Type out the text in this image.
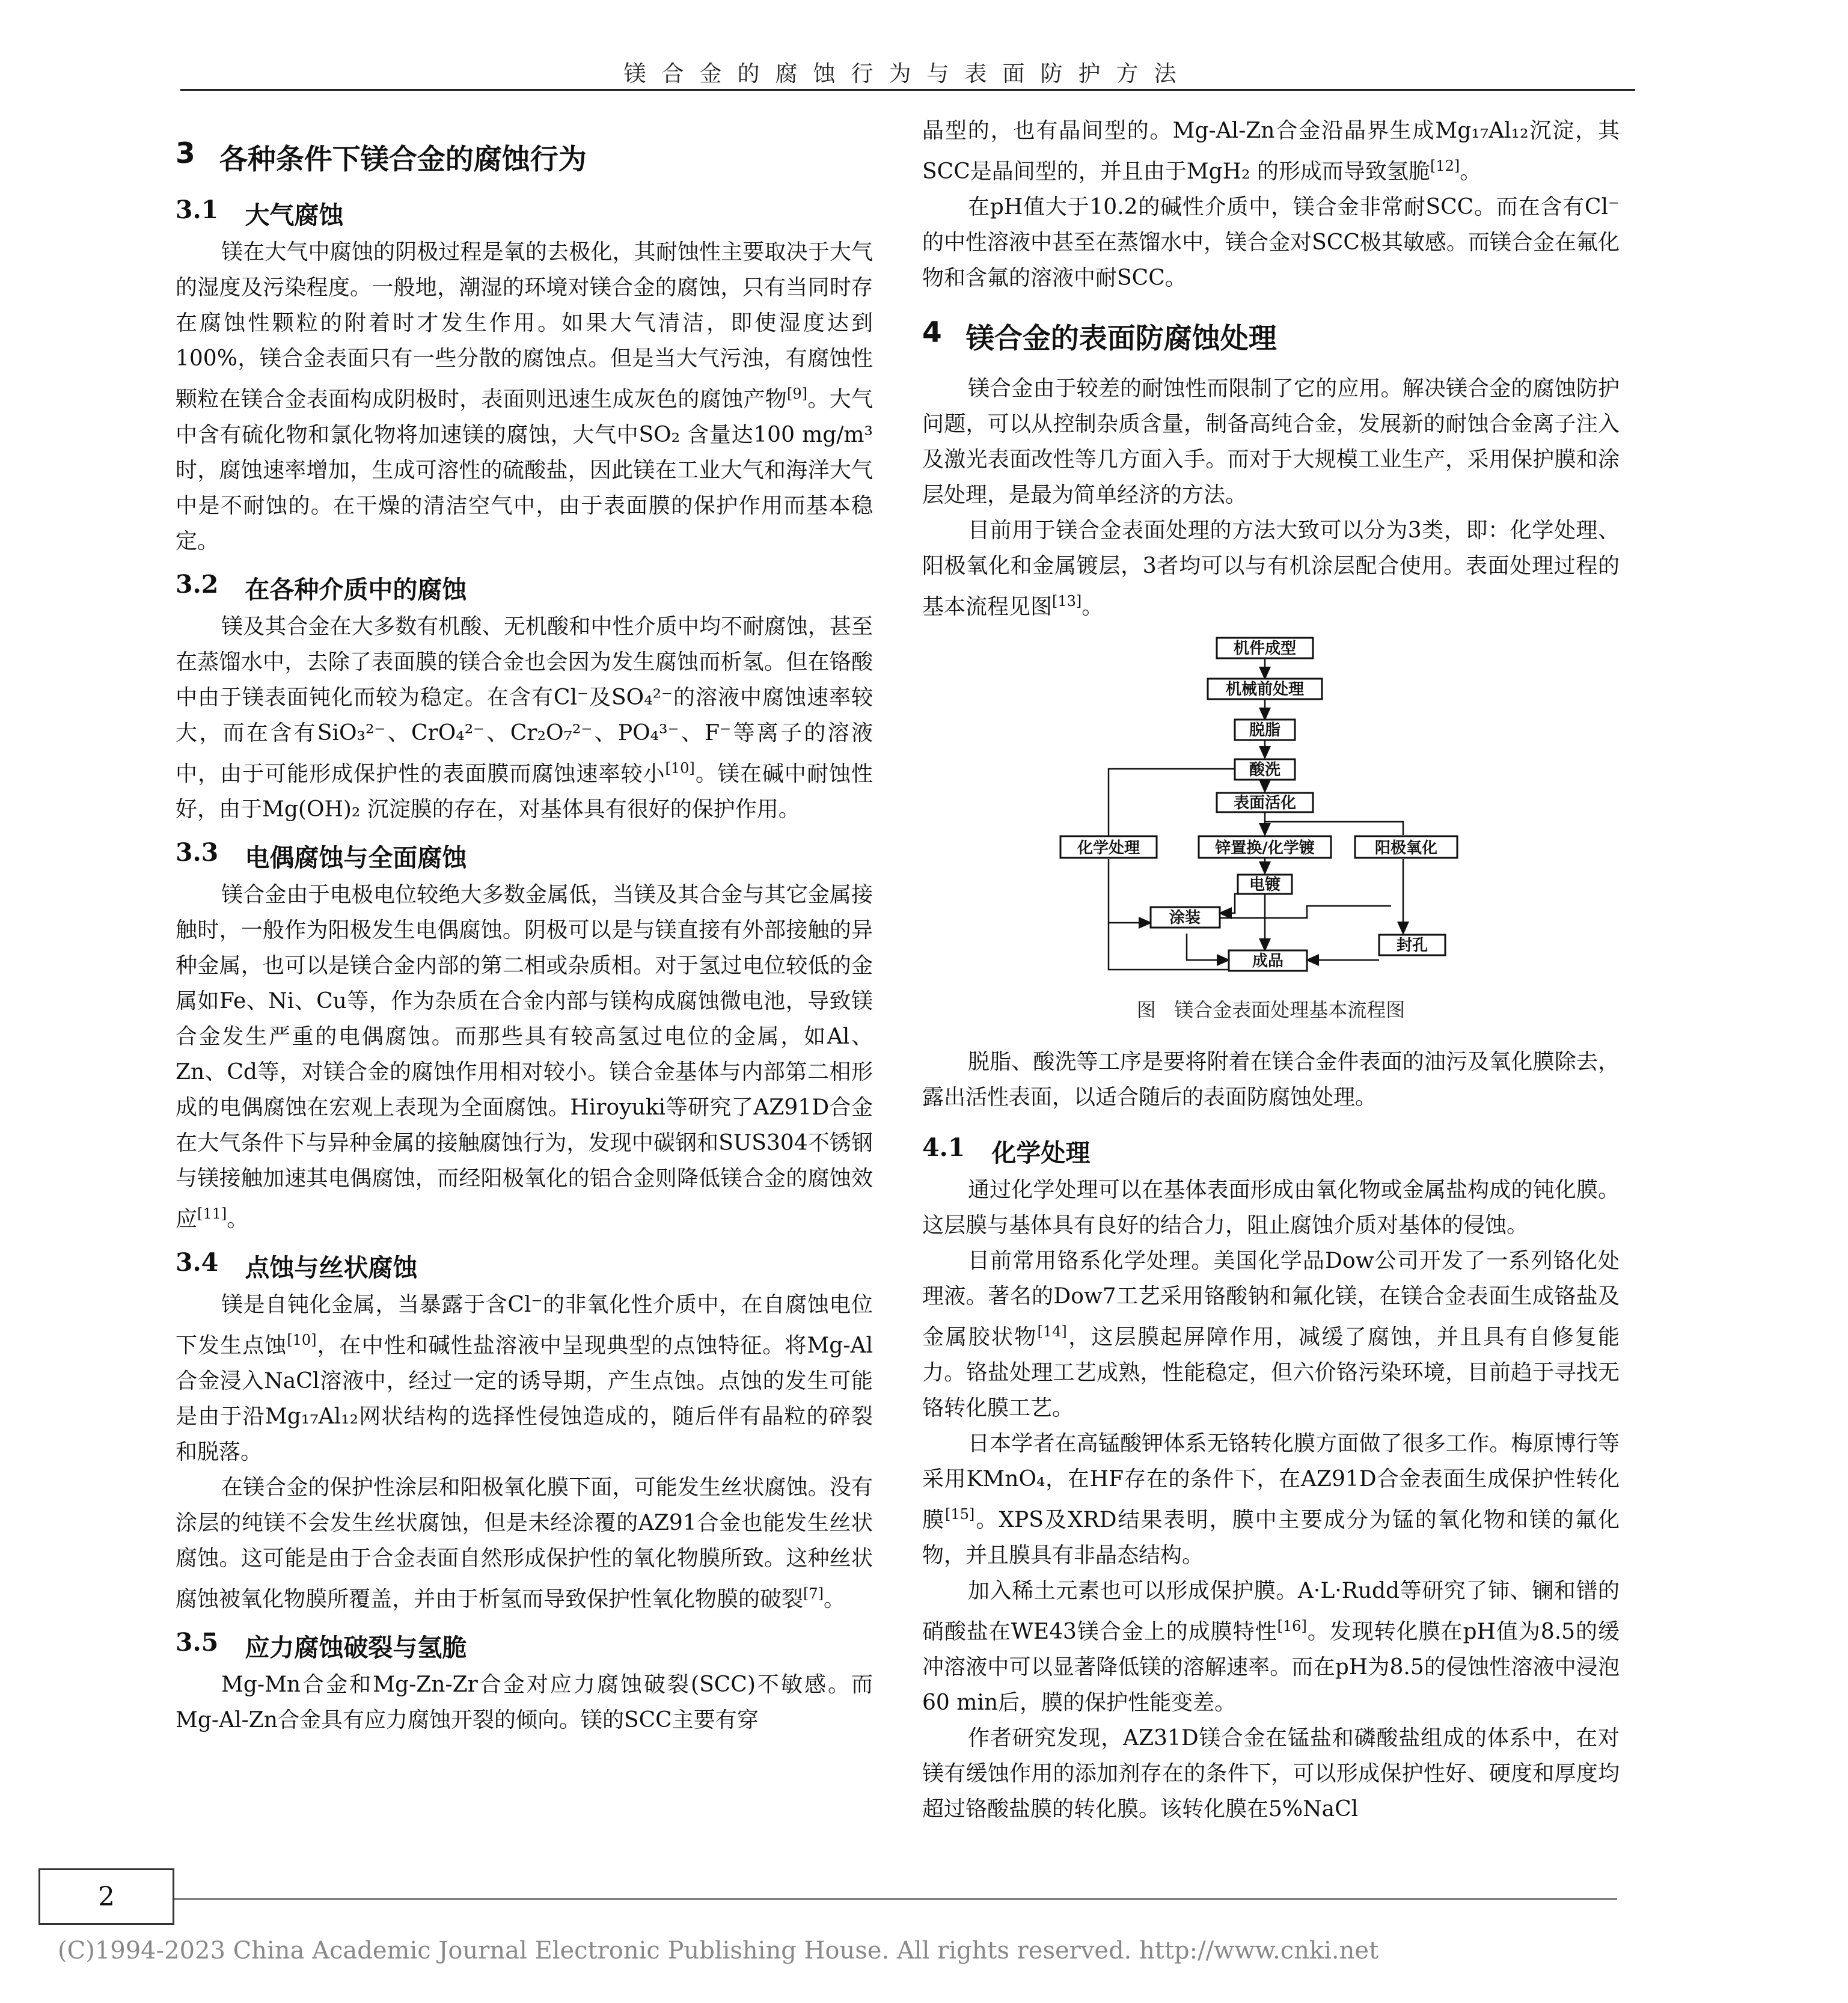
镁合金的腐蚀行为与表面防护方法
3 各种条件下镁合金的腐蚀行为
3.1 大气腐蚀

镁在大气中腐蚀的阴极过程是氧的去极化，其耐蚀性主要取决于大气的湿度及污染程度。一般地，潮湿的环境对镁合金的腐蚀，只有当同时存在腐蚀性颗粒的附着时才发生作用。如果大气清洁，即使湿度达到100%，镁合金表面只有一些分散的腐蚀点。但是当大气污浊，有腐蚀性颗粒在镁合金表面构成阴极时，表面则迅速生成灰色的腐蚀产物[9]。大气中含有硫化物和氯化物将加速镁的腐蚀，大气中SO₂ 含量达100 mg/m³ 时，腐蚀速率增加，生成可溶性的硫酸盐，因此镁在工业大气和海洋大气中是不耐蚀的。在干燥的清洁空气中，由于表面膜的保护作用而基本稳定。

3.2 在各种介质中的腐蚀

镁及其合金在大多数有机酸、无机酸和中性介质中均不耐腐蚀，甚至在蒸馏水中，去除了表面膜的镁合金也会因为发生腐蚀而析氢。但在铬酸中由于镁表面钝化而较为稳定。在含有Cl⁻及SO₄²⁻的溶液中腐蚀速率较大，而在含有SiO₃²⁻、CrO₄²⁻、Cr₂O₇²⁻、PO₄³⁻、F⁻等离子的溶液中，由于可能形成保护性的表面膜而腐蚀速率较小[10]。镁在碱中耐蚀性好，由于Mg(OH)₂ 沉淀膜的存在，对基体具有很好的保护作用。

3.3 电偶腐蚀与全面腐蚀

镁合金由于电极电位较绝大多数金属低，当镁及其合金与其它金属接触时，一般作为阳极发生电偶腐蚀。阴极可以是与镁直接有外部接触的异种金属，也可以是镁合金内部的第二相或杂质相。对于氢过电位较低的金属如Fe、Ni、Cu等，作为杂质在合金内部与镁构成腐蚀微电池，导致镁合金发生严重的电偶腐蚀。而那些具有较高氢过电位的金属，如Al、Zn、Cd等，对镁合金的腐蚀作用相对较小。镁合金基体与内部第二相形成的电偶腐蚀在宏观上表现为全面腐蚀。Hiroyuki等研究了AZ91D合金在大气条件下与异种金属的接触腐蚀行为，发现中碳钢和SUS304不锈钢与镁接触加速其电偶腐蚀，而经阳极氧化的铝合金则降低镁合金的腐蚀效应[11]。

3.4 点蚀与丝状腐蚀

镁是自钝化金属，当暴露于含Cl⁻的非氧化性介质中，在自腐蚀电位下发生点蚀[10]，在中性和碱性盐溶液中呈现典型的点蚀特征。将Mg-Al合金浸入NaCl溶液中，经过一定的诱导期，产生点蚀。点蚀的发生可能是由于沿Mg₁₇Al₁₂网状结构的选择性侵蚀造成的，随后伴有晶粒的碎裂和脱落。

在镁合金的保护性涂层和阳极氧化膜下面，可能发生丝状腐蚀。没有涂层的纯镁不会发生丝状腐蚀，但是未经涂覆的AZ91合金也能发生丝状腐蚀。这可能是由于合金表面自然形成保护性的氧化物膜所致。这种丝状腐蚀被氧化物膜所覆盖，并由于析氢而导致保护性氧化物膜的破裂[7]。

3.5 应力腐蚀破裂与氢脆

Mg-Mn合金和Mg-Zn-Zr合金对应力腐蚀破裂(SCC)不敏感。而Mg-Al-Zn合金具有应力腐蚀开裂的倾向。镁的SCC主要有穿

晶型的，也有晶间型的。Mg-Al-Zn合金沿晶界生成Mg₁₇Al₁₂沉淀，其SCC是晶间型的，并且由于MgH₂ 的形成而导致氢脆[12]。

在pH值大于10.2的碱性介质中，镁合金非常耐SCC。而在含有Cl⁻的中性溶液中甚至在蒸馏水中，镁合金对SCC极其敏感。而镁合金在氟化物和含氟的溶液中耐SCC。

4 镁合金的表面防腐蚀处理

镁合金由于较差的耐蚀性而限制了它的应用。解决镁合金的腐蚀防护问题，可以从控制杂质含量，制备高纯合金，发展新的耐蚀合金离子注入及激光表面改性等几方面入手。而对于大规模工业生产，采用保护膜和涂层处理，是最为简单经济的方法。

目前用于镁合金表面处理的方法大致可以分为3类，即：化学处理、阳极氧化和金属镀层，3者均可以与有机涂层配合使用。表面处理过程的基本流程见图[13]。

机件成型
机械前处理
脱脂
酸洗
表面活化
化学处理	锌置换/化学镀	阳极氧化
电镀
涂装
成品
封孔
图 镁合金表面处理基本流程图

脱脂、酸洗等工序是要将附着在镁合金件表面的油污及氧化膜除去，露出活性表面，以适合随后的表面防腐蚀处理。

4.1 化学处理

通过化学处理可以在基体表面形成由氧化物或金属盐构成的钝化膜。这层膜与基体具有良好的结合力，阻止腐蚀介质对基体的侵蚀。

目前常用铬系化学处理。美国化学品Dow公司开发了一系列铬化处理液。著名的Dow7工艺采用铬酸钠和氟化镁，在镁合金表面生成铬盐及金属胶状物[14]，这层膜起屏障作用，减缓了腐蚀，并且具有自修复能力。铬盐处理工艺成熟，性能稳定，但六价铬污染环境，目前趋于寻找无铬转化膜工艺。

日本学者在高锰酸钾体系无铬转化膜方面做了很多工作。梅原博行等采用KMnO₄，在HF存在的条件下，在AZ91D合金表面生成保护性转化膜[15]。XPS及XRD结果表明，膜中主要成分为锰的氧化物和镁的氟化物，并且膜具有非晶态结构。

加入稀土元素也可以形成保护膜。A·L·Rudd等研究了铈、镧和镨的硝酸盐在WE43镁合金上的成膜特性[16]。发现转化膜在pH值为8.5的缓冲溶液中可以显著降低镁的溶解速率。而在pH为8.5的侵蚀性溶液中浸泡60 min后，膜的保护性能变差。

作者研究发现，AZ31D镁合金在锰盐和磷酸盐组成的体系中，在对镁有缓蚀作用的添加剂存在的条件下，可以形成保护性好、硬度和厚度均超过铬酸盐膜的转化膜。该转化膜在5%NaCl

2
(C)1994-2023 China Academic Journal Electronic Publishing House. All rights reserved. http://www.cnki.net
